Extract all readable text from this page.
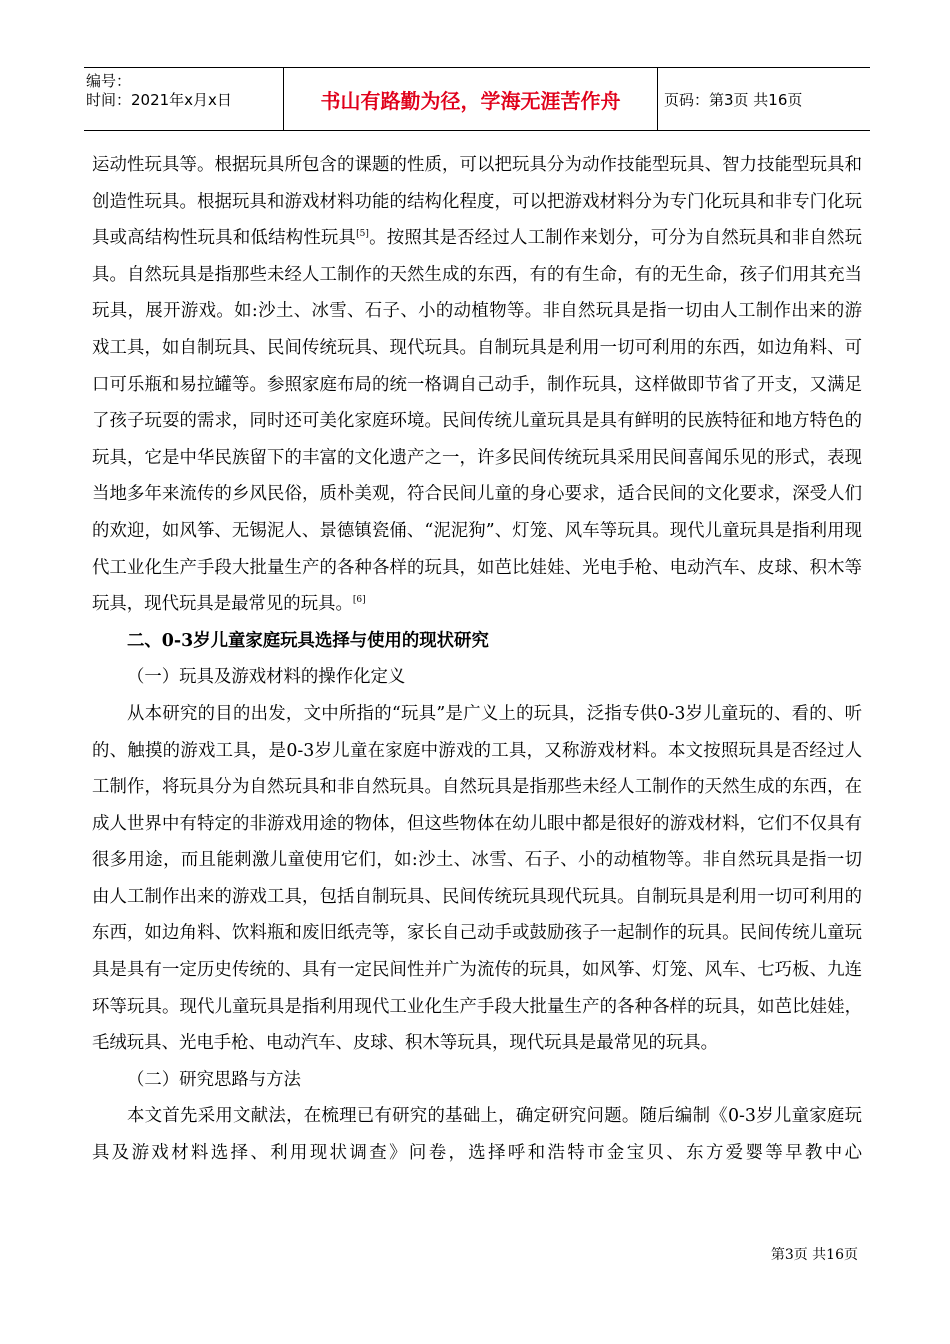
编号：
时间：2021年x月x日	书山有路勤为径，学海无涯苦作舟	页码：第3页 共16页

运动性玩具等。根据玩具所包含的课题的性质，可以把玩具分为动作技能型玩具、智力技能型玩具和创造性玩具。根据玩具和游戏材料功能的结构化程度，可以把游戏材料分为专门化玩具和非专门化玩具或高结构性玩具和低结构性玩具[5]。按照其是否经过人工制作来划分，可分为自然玩具和非自然玩具。自然玩具是指那些未经人工制作的天然生成的东西，有的有生命，有的无生命，孩子们用其充当玩具，展开游戏。如:沙土、冰雪、石子、小的动植物等。非自然玩具是指一切由人工制作出来的游戏工具，如自制玩具、民间传统玩具、现代玩具。自制玩具是利用一切可利用的东西，如边角料、可口可乐瓶和易拉罐等。参照家庭布局的统一格调自己动手，制作玩具，这样做即节省了开支，又满足了孩子玩耍的需求，同时还可美化家庭环境。民间传统儿童玩具是具有鲜明的民族特征和地方特色的玩具，它是中华民族留下的丰富的文化遗产之一，许多民间传统玩具采用民间喜闻乐见的形式，表现当地多年来流传的乡风民俗，质朴美观，符合民间儿童的身心要求，适合民间的文化要求，深受人们的欢迎，如风筝、无锡泥人、景德镇瓷俑、“泥泥狗”、灯笼、风车等玩具。现代儿童玩具是指利用现代工业化生产手段大批量生产的各种各样的玩具，如芭比娃娃、光电手枪、电动汽车、皮球、积木等玩具，现代玩具是最常见的玩具。[6]

二、0-3岁儿童家庭玩具选择与使用的现状研究

（一）玩具及游戏材料的操作化定义

从本研究的目的出发，文中所指的“玩具”是广义上的玩具，泛指专供0-3岁儿童玩的、看的、听的、触摸的游戏工具，是0-3岁儿童在家庭中游戏的工具，又称游戏材料。本文按照玩具是否经过人工制作，将玩具分为自然玩具和非自然玩具。自然玩具是指那些未经人工制作的天然生成的东西，在成人世界中有特定的非游戏用途的物体，但这些物体在幼儿眼中都是很好的游戏材料，它们不仅具有很多用途，而且能刺激儿童使用它们，如:沙土、冰雪、石子、小的动植物等。非自然玩具是指一切由人工制作出来的游戏工具，包括自制玩具、民间传统玩具现代玩具。自制玩具是利用一切可利用的东西，如边角料、饮料瓶和废旧纸壳等，家长自己动手或鼓励孩子一起制作的玩具。民间传统儿童玩具是具有一定历史传统的、具有一定民间性并广为流传的玩具，如风筝、灯笼、风车、七巧板、九连环等玩具。现代儿童玩具是指利用现代工业化生产手段大批量生产的各种各样的玩具，如芭比娃娃，毛绒玩具、光电手枪、电动汽车、皮球、积木等玩具，现代玩具是最常见的玩具。

（二）研究思路与方法

本文首先采用文献法，在梳理已有研究的基础上，确定研究问题。随后编制《0-3岁儿童家庭玩具及游戏材料选择、利用现状调查》问卷，选择呼和浩特市金宝贝、东方爱婴等早教中心

第3页 共16页
